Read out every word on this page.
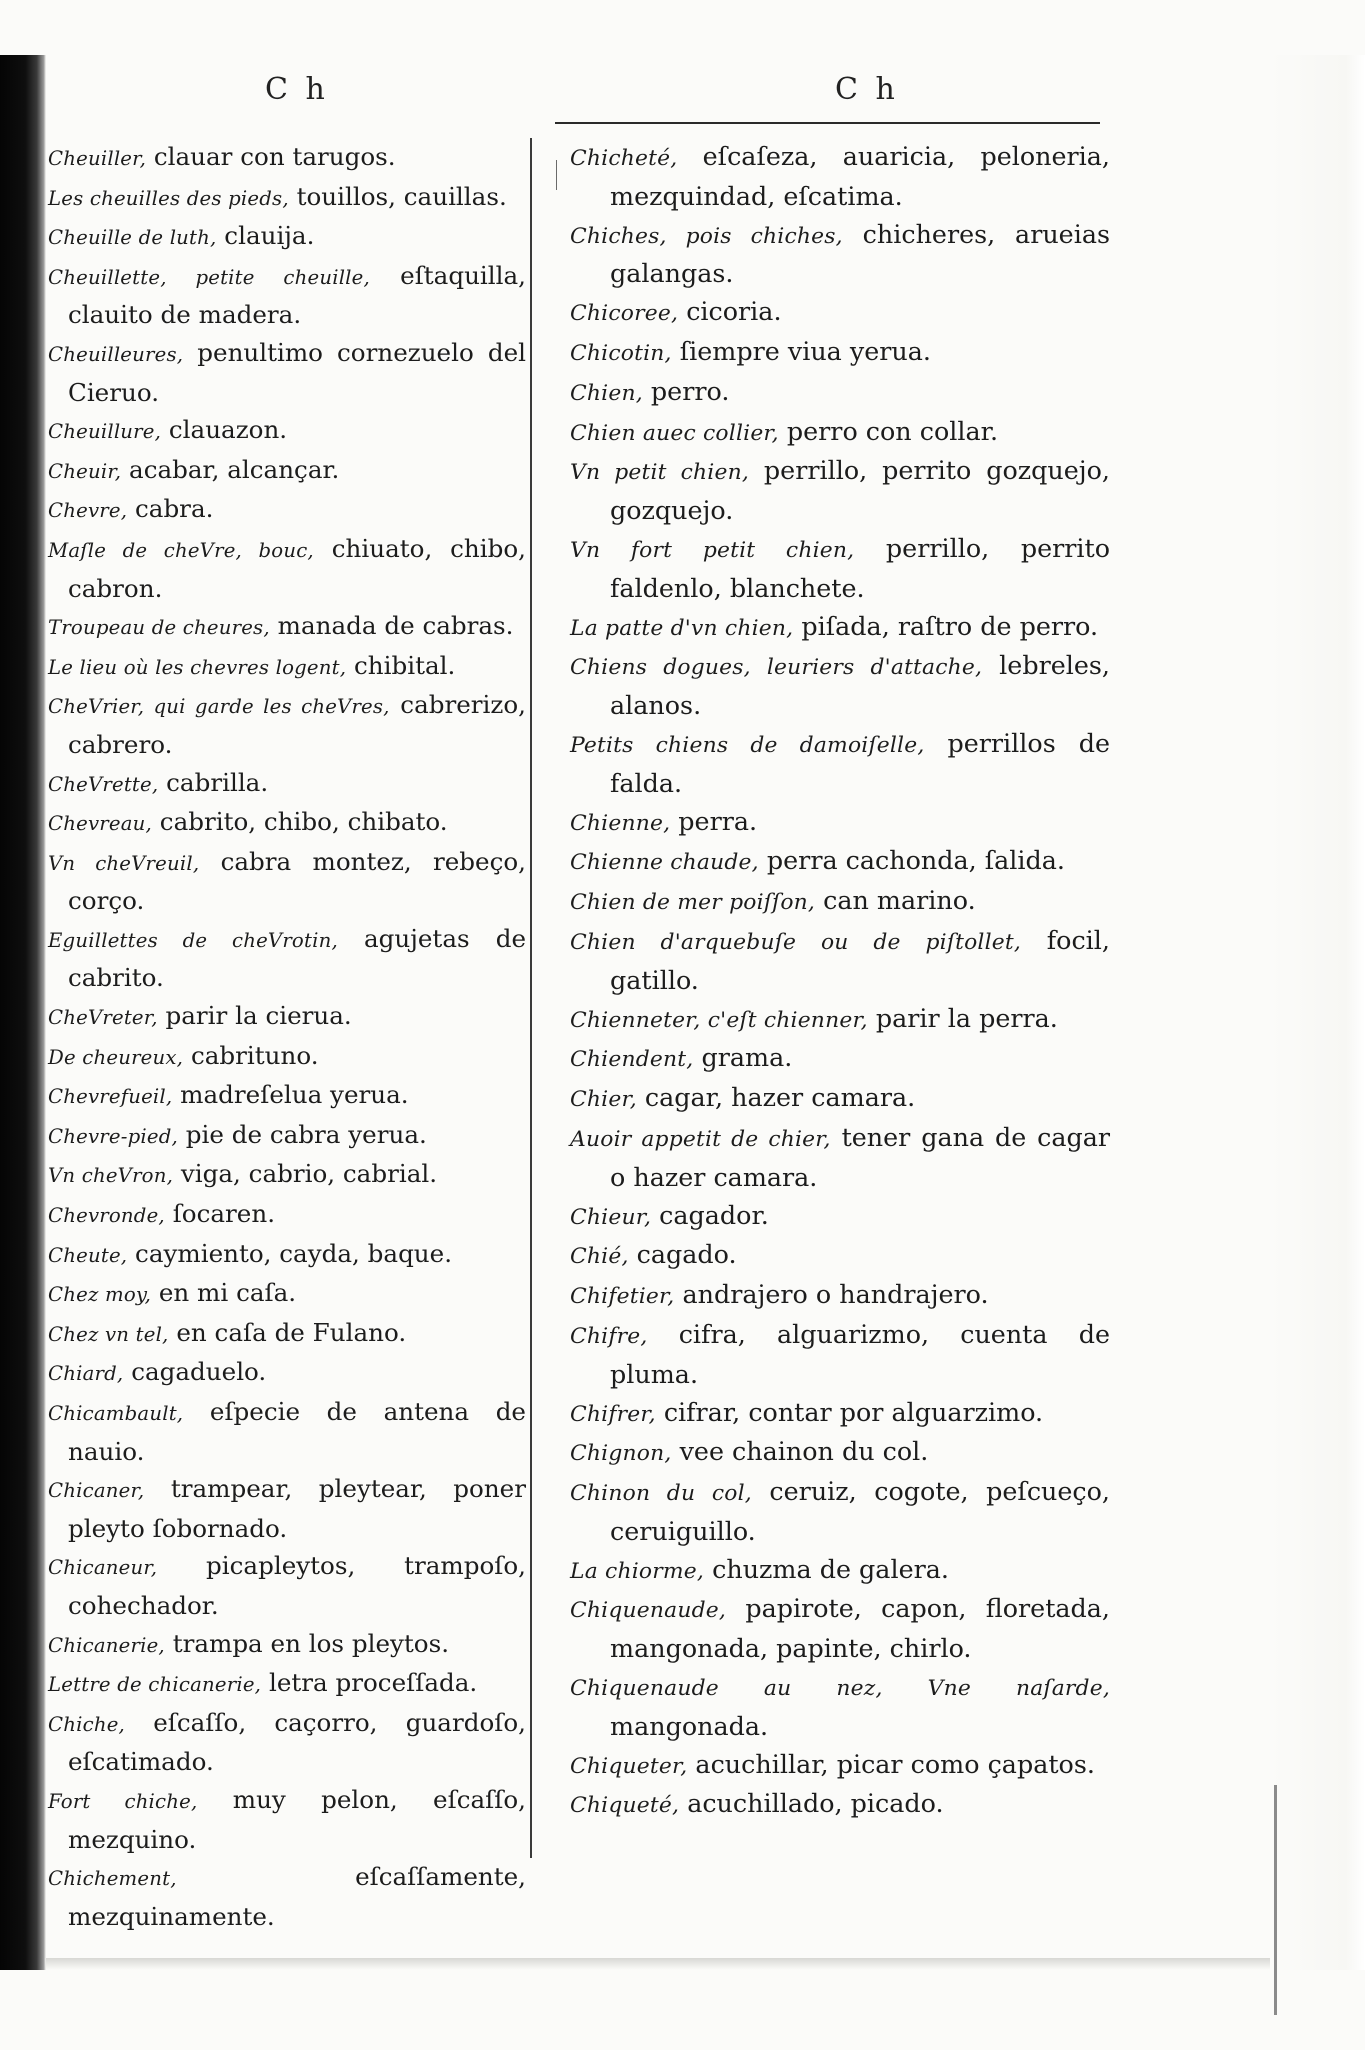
C h	C h

Cheuiller, clauar con tarugos.

Les cheuilles des pieds, touillos, cauillas.

Cheuille de luth, clauija.

Cheuillette, petite cheuille, eſtaquilla, clauito de madera.

Cheuilleures, penultimo cornezuelo del Cieruo.

Cheuillure, clauazon.

Cheuir, acabar, alcançar.

Chevre, cabra.

Maſle de cheVre, bouc, chiuato, chibo, cabron.

Troupeau de cheures, manada de cabras.

Le lieu où les chevres logent, chibital.

CheVrier, qui garde les cheVres, cabrerizo, cabrero.

CheVrette, cabrilla.

Chevreau, cabrito, chibo, chibato.

Vn cheVreuil, cabra montez, rebeço, corço.

Eguillettes de cheVrotin, agujetas de cabrito.

CheVreter, parir la cierua.

De cheureux, cabrituno.

Chevrefueil, madreſelua yerua.

Chevre-pied, pie de cabra yerua.

Vn cheVron, viga, cabrio, cabrial.

Chevronde, ſocaren.

Cheute, caymiento, cayda, baque.

Chez moy, en mi caſa.

Chez vn tel, en caſa de Fulano.

Chiard, cagaduelo.

Chicambault, eſpecie de antena de nauio.

Chicaner, trampear, pleytear, poner pleyto ſobornado.

Chicaneur, picapleytos, trampoſo, cohechador.

Chicanerie, trampa en los pleytos.

Lettre de chicanerie, letra proceſſada.

Chiche, eſcaſſo, caçorro, guardoſo, eſcatimado.

Fort chiche, muy pelon, eſcaſſo, mezquino.

Chichement, eſcaſſamente, mezquinamente.

Chicheté, eſcaſeza, auaricia, peloneria, mezquindad, eſcatima.

Chiches, pois chiches, chicheres, arueias galangas.

Chicoree, cicoria.

Chicotin, ſiempre viua yerua.

Chien, perro.

Chien auec collier, perro con collar.

Vn petit chien, perrillo, perrito gozquejo, gozquejo.

Vn fort petit chien, perrillo, perrito faldenlo, blanchete.

La patte d'vn chien, piſada, raſtro de perro.

Chiens dogues, leuriers d'attache, lebreles, alanos.

Petits chiens de damoiſelle, perrillos de falda.

Chienne, perra.

Chienne chaude, perra cachonda, ſalida.

Chien de mer poiſſon, can marino.

Chien d'arquebuſe ou de piſtollet, focil, gatillo.

Chienneter, c'eſt chienner, parir la perra.

Chiendent, grama.

Chier, cagar, hazer camara.

Auoir appetit de chier, tener gana de cagar o hazer camara.

Chieur, cagador.

Chié, cagado.

Chifetier, andrajero o handrajero.

Chifre, cifra, alguarizmo, cuenta de pluma.

Chifrer, cifrar, contar por alguarzimo.

Chignon, vee chainon du col.

Chinon du col, ceruiz, cogote, peſcueço, ceruiguillo.

La chiorme, chuzma de galera.

Chiquenaude, papirote, capon, floretada, mangonada, papinte, chirlo.

Chiquenaude au nez, Vne naſarde, mangonada.

Chiqueter, acuchillar, picar como çapatos.

Chiqueté, acuchillado, picado.
